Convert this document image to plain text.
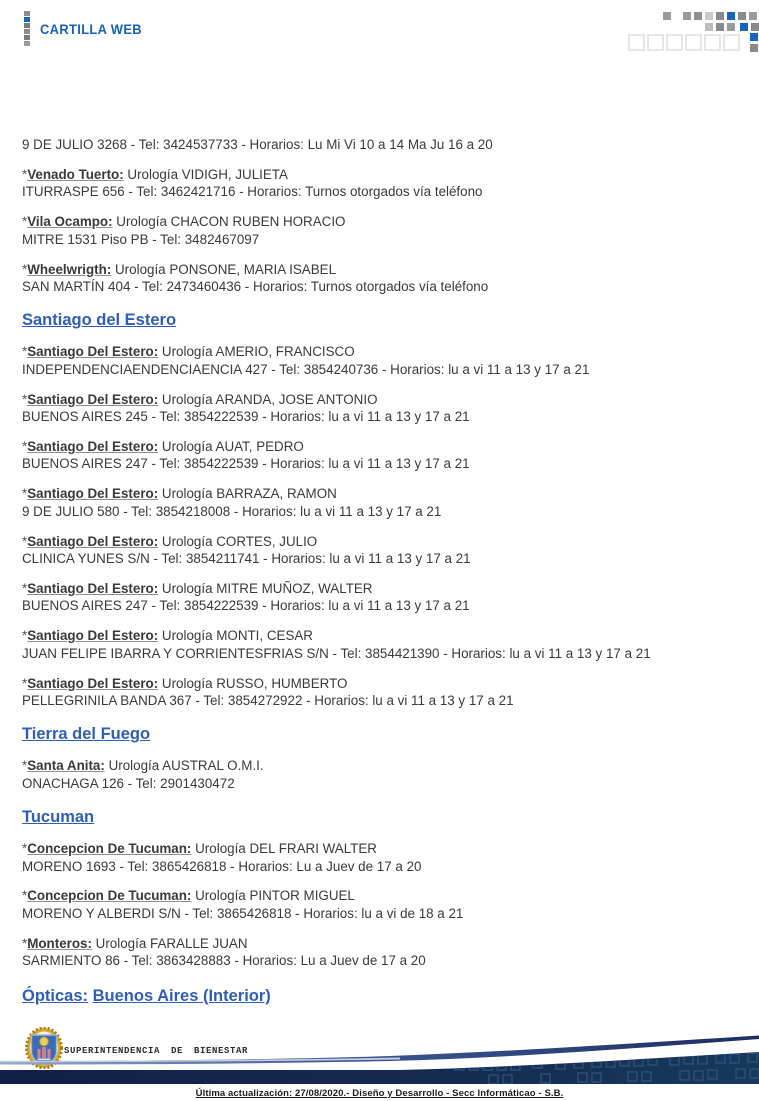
CARTILLA WEB

9 DE JULIO 3268 - Tel: 3424537733 - Horarios: Lu Mi Vi 10 a 14 Ma Ju 16 a 20

*Venado Tuerto: Urología VIDIGH, JULIETA
ITURRASPE 656 - Tel: 3462421716 - Horarios: Turnos otorgados vía teléfono

*Vila Ocampo: Urología CHACON RUBEN HORACIO
MITRE 1531 Piso PB - Tel: 3482467097

*Wheelwrigth: Urología PONSONE, MARIA ISABEL
SAN MARTÍN 404 - Tel: 2473460436 - Horarios: Turnos otorgados vía teléfono

Santiago del Estero

*Santiago Del Estero: Urología AMERIO, FRANCISCO
INDEPENDENCIAENDENCIAENCIA 427 - Tel: 3854240736 - Horarios: lu a vi 11 a 13 y 17 a 21

*Santiago Del Estero: Urología ARANDA, JOSE ANTONIO
BUENOS AIRES 245 - Tel: 3854222539 - Horarios: lu a vi 11 a 13 y 17 a 21

*Santiago Del Estero: Urología AUAT, PEDRO
BUENOS AIRES 247 - Tel: 3854222539 - Horarios: lu a vi 11 a 13 y 17 a 21

*Santiago Del Estero: Urología BARRAZA, RAMON
9 DE JULIO 580 - Tel: 3854218008 - Horarios: lu a vi 11 a 13 y 17 a 21

*Santiago Del Estero: Urología CORTES, JULIO
CLINICA YUNES S/N - Tel: 3854211741 - Horarios: lu a vi 11 a 13 y 17 a 21

*Santiago Del Estero: Urología MITRE MUÑOZ, WALTER
BUENOS AIRES 247 - Tel: 3854222539 - Horarios: lu a vi 11 a 13 y 17 a 21

*Santiago Del Estero: Urología MONTI, CESAR
JUAN FELIPE IBARRA Y CORRIENTESFRIAS S/N - Tel: 3854421390 - Horarios: lu a vi 11 a 13 y 17 a 21

*Santiago Del Estero: Urología RUSSO, HUMBERTO
PELLEGRINILA BANDA 367 - Tel: 3854272922 - Horarios: lu a vi 11 a 13 y 17 a 21

Tierra del Fuego

*Santa Anita: Urología AUSTRAL O.M.I.
ONACHAGA 126 - Tel: 2901430472

Tucuman

*Concepcion De Tucuman: Urología DEL FRARI WALTER
MORENO 1693 - Tel: 3865426818 - Horarios: Lu a Juev de 17 a 20

*Concepcion De Tucuman: Urología PINTOR MIGUEL
MORENO Y ALBERDI S/N - Tel: 3865426818 - Horarios: lu a vi de 18 a 21

*Monteros: Urología FARALLE JUAN
SARMIENTO 86 - Tel: 3863428883 - Horarios: Lu a Juev de 17 a 20

Ópticas: Buenos Aires (Interior)
SUPERINTENDENCIA DE BIENESTAR
Última actualización: 27/08/2020.- Diseño y Desarrollo - Secc Informáticao - S.B.
